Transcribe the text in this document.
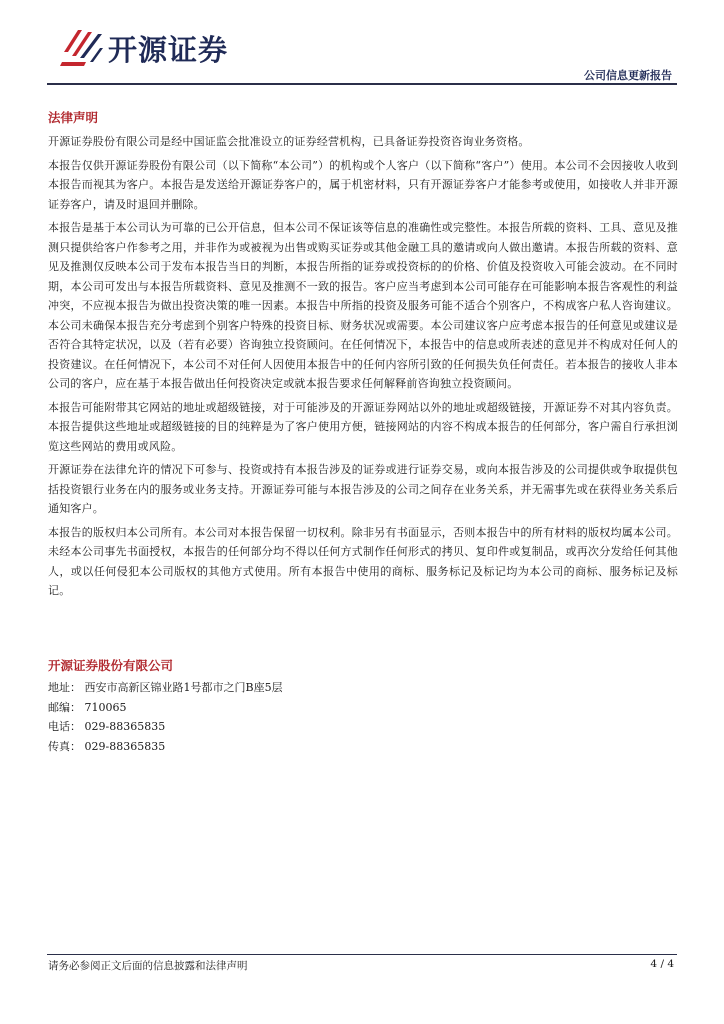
开源证券
公司信息更新报告
法律声明

开源证券股份有限公司是经中国证监会批准设立的证券经营机构，已具备证券投资咨询业务资格。

本报告仅供开源证券股份有限公司（以下简称“本公司”）的机构或个人客户（以下简称“客户”）使用。本公司不会因接收人收到本报告而视其为客户。本报告是发送给开源证券客户的，属于机密材料，只有开源证券客户才能参考或使用，如接收人并非开源证券客户，请及时退回并删除。

本报告是基于本公司认为可靠的已公开信息，但本公司不保证该等信息的准确性或完整性。本报告所载的资料、工具、意见及推测只提供给客户作参考之用，并非作为或被视为出售或购买证券或其他金融工具的邀请或向人做出邀请。本报告所载的资料、意见及推测仅反映本公司于发布本报告当日的判断，本报告所指的证券或投资标的的价格、价值及投资收入可能会波动。在不同时期，本公司可发出与本报告所载资料、意见及推测不一致的报告。客户应当考虑到本公司可能存在可能影响本报告客观性的利益冲突，不应视本报告为做出投资决策的唯一因素。本报告中所指的投资及服务可能不适合个别客户，不构成客户私人咨询建议。本公司未确保本报告充分考虑到个别客户特殊的投资目标、财务状况或需要。本公司建议客户应考虑本报告的任何意见或建议是否符合其特定状况，以及（若有必要）咨询独立投资顾问。在任何情况下，本报告中的信息或所表述的意见并不构成对任何人的投资建议。在任何情况下，本公司不对任何人因使用本报告中的任何内容所引致的任何损失负任何责任。若本报告的接收人非本公司的客户，应在基于本报告做出任何投资决定或就本报告要求任何解释前咨询独立投资顾问。

本报告可能附带其它网站的地址或超级链接，对于可能涉及的开源证券网站以外的地址或超级链接，开源证券不对其内容负责。本报告提供这些地址或超级链接的目的纯粹是为了客户使用方便，链接网站的内容不构成本报告的任何部分，客户需自行承担浏览这些网站的费用或风险。

开源证券在法律允许的情况下可参与、投资或持有本报告涉及的证券或进行证券交易，或向本报告涉及的公司提供或争取提供包括投资银行业务在内的服务或业务支持。开源证券可能与本报告涉及的公司之间存在业务关系，并无需事先或在获得业务关系后通知客户。

本报告的版权归本公司所有。本公司对本报告保留一切权利。除非另有书面显示，否则本报告中的所有材料的版权均属本公司。未经本公司事先书面授权，本报告的任何部分均不得以任何方式制作任何形式的拷贝、复印件或复制品，或再次分发给任何其他人，或以任何侵犯本公司版权的其他方式使用。所有本报告中使用的商标、服务标记及标记均为本公司的商标、服务标记及标记。

开源证券股份有限公司
地址： 西安市高新区锦业路1号都市之门B座5层
邮编： 710065
电话： 029-88365835
传真： 029-88365835
请务必参阅正文后面的信息披露和法律声明	4 / 4
